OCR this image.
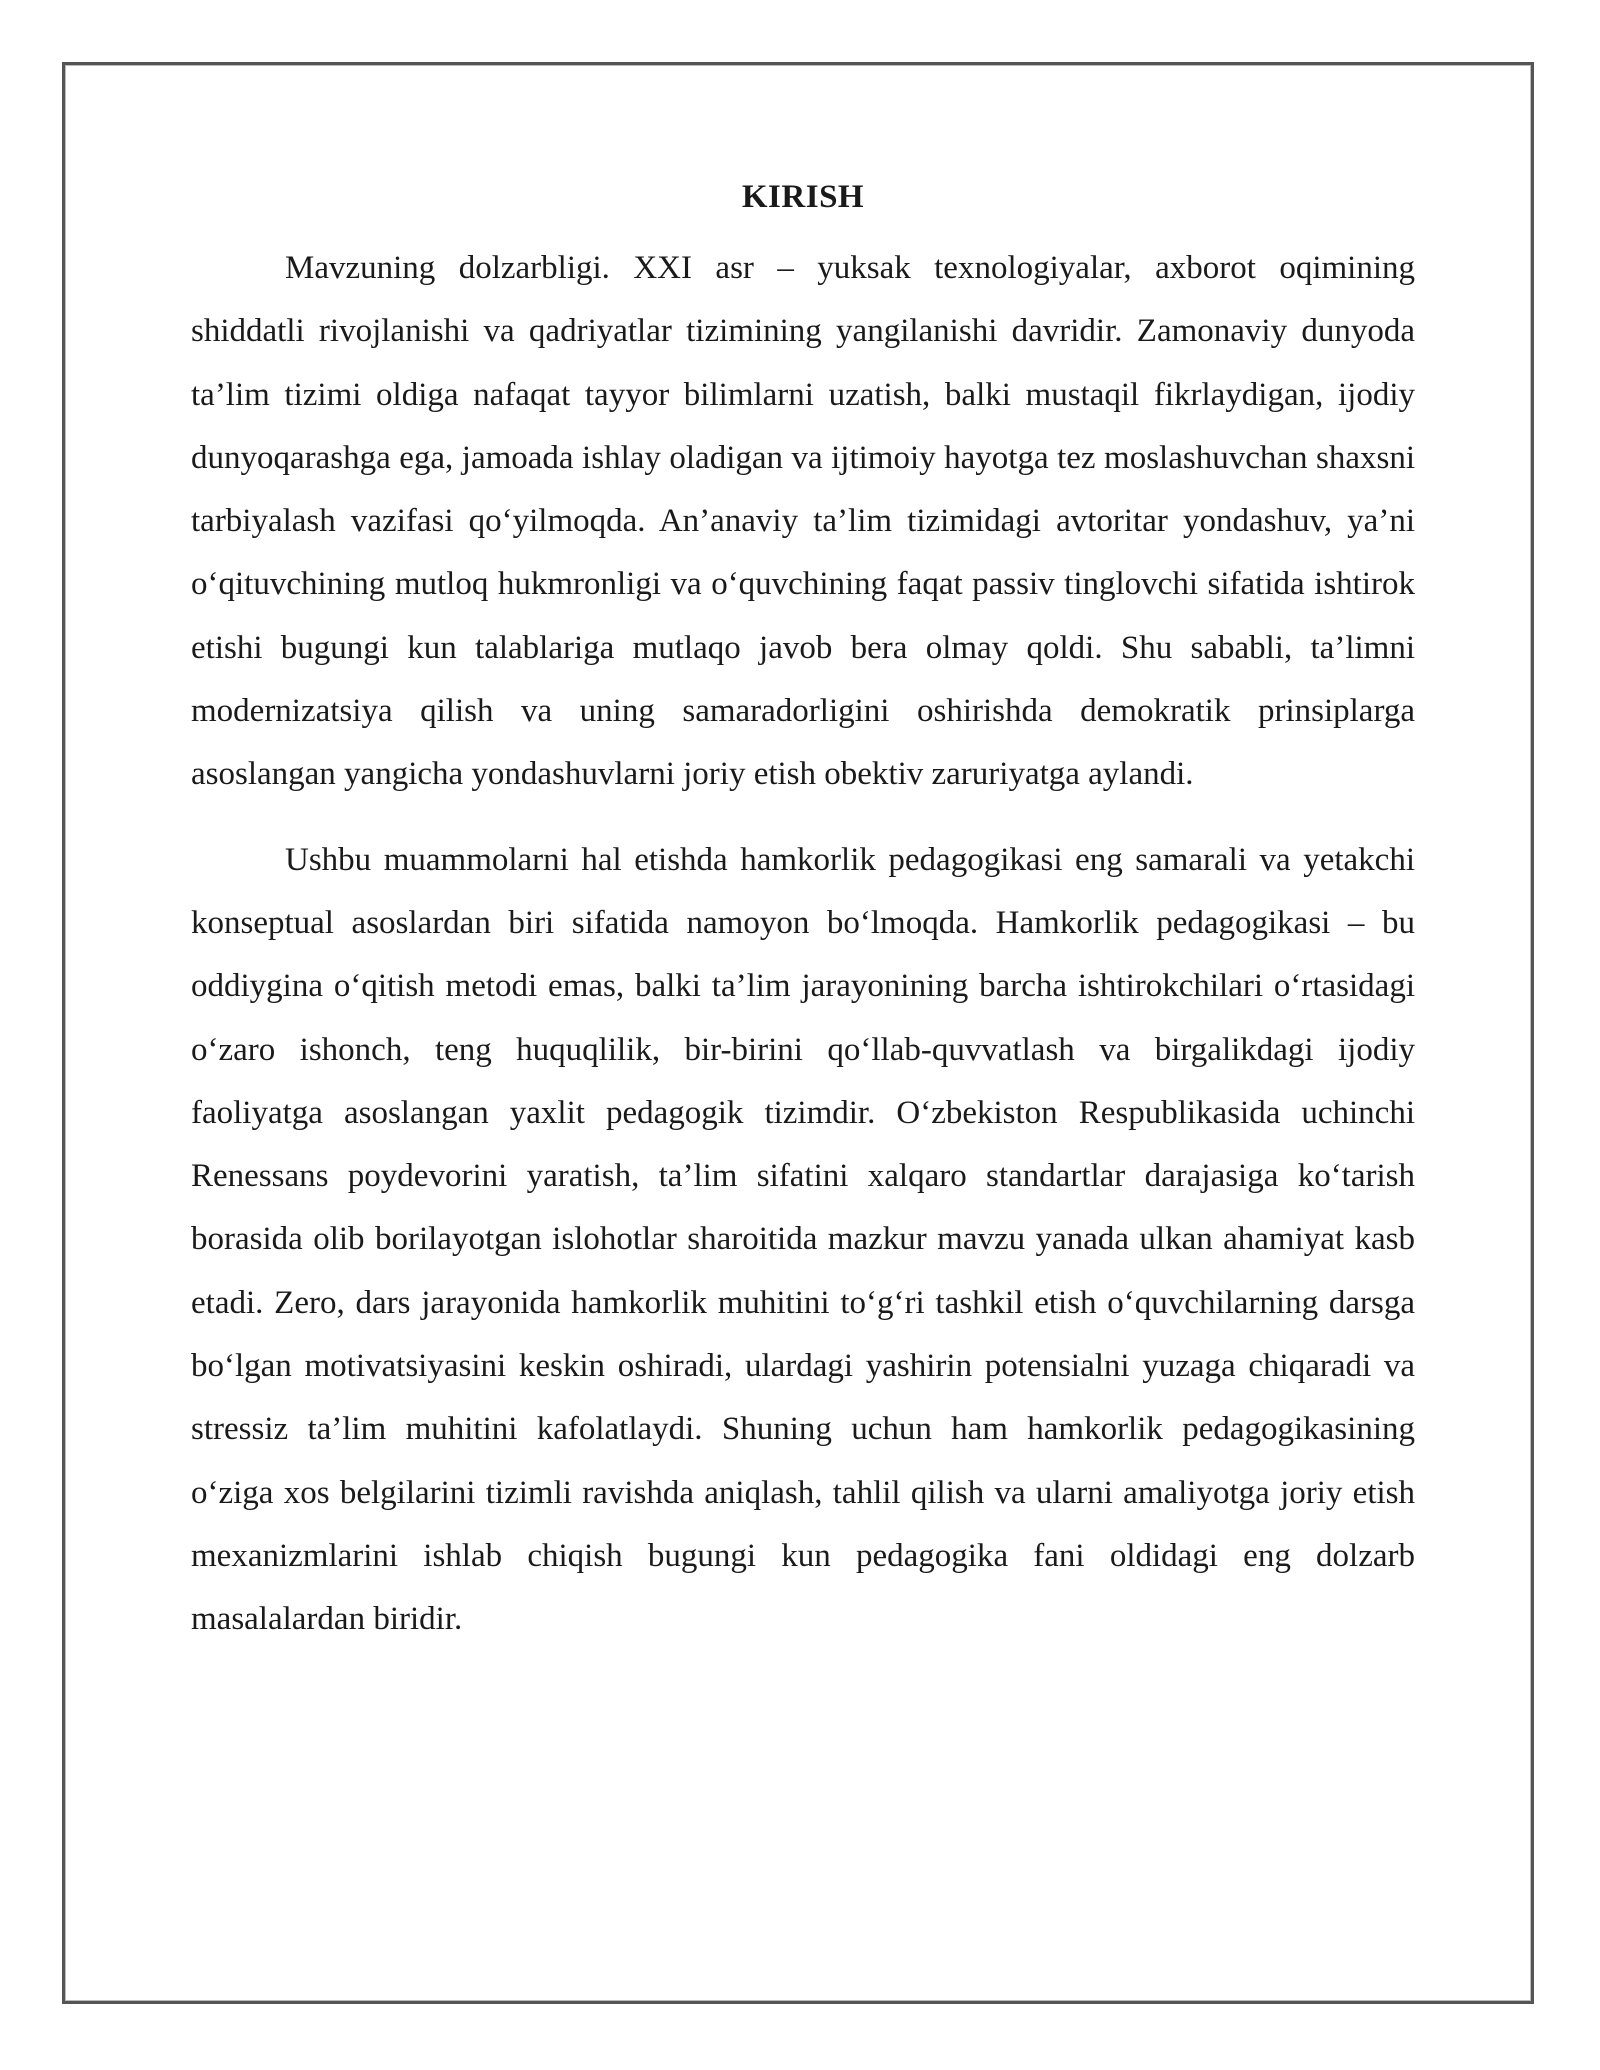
KIRISH

Mavzuning dolzarbligi. XXI asr – yuksak texnologiyalar, axborot oqimining shiddatli rivojlanishi va qadriyatlar tizimining yangilanishi davridir. Zamonaviy dunyoda ta’lim tizimi oldiga nafaqat tayyor bilimlarni uzatish, balki mustaqil fikrlaydigan, ijodiy dunyoqarashga ega, jamoada ishlay oladigan va ijtimoiy hayotga tez moslashuvchan shaxsni tarbiyalash vazifasi qo‘yilmoqda. An’anaviy ta’lim tizimidagi avtoritar yondashuv, ya’ni o‘qituvchining mutloq hukmronligi va o‘quvchining faqat passiv tinglovchi sifatida ishtirok etishi bugungi kun talablariga mutlaqo javob bera olmay qoldi. Shu sababli, ta’limni modernizatsiya qilish va uning samaradorligini oshirishda demokratik prinsiplarga asoslangan yangicha yondashuvlarni joriy etish obektiv zaruriyatga aylandi.

Ushbu muammolarni hal etishda hamkorlik pedagogikasi eng samarali va yetakchi konseptual asoslardan biri sifatida namoyon bo‘lmoqda. Hamkorlik pedagogikasi – bu oddiygina o‘qitish metodi emas, balki ta’lim jarayonining barcha ishtirokchilari o‘rtasidagi o‘zaro ishonch, teng huquqlilik, bir-birini qo‘llab-quvvatlash va birgalikdagi ijodiy faoliyatga asoslangan yaxlit pedagogik tizimdir. O‘zbekiston Respublikasida uchinchi Renessans poydevorini yaratish, ta’lim sifatini xalqaro standartlar darajasiga ko‘tarish borasida olib borilayotgan islohotlar sharoitida mazkur mavzu yanada ulkan ahamiyat kasb etadi. Zero, dars jarayonida hamkorlik muhitini to‘g‘ri tashkil etish o‘quvchilarning darsga bo‘lgan motivatsiyasini keskin oshiradi, ulardagi yashirin potensialni yuzaga chiqaradi va stressiz ta’lim muhitini kafolatlaydi. Shuning uchun ham hamkorlik pedagogikasining o‘ziga xos belgilarini tizimli ravishda aniqlash, tahlil qilish va ularni amaliyotga joriy etish mexanizmlarini ishlab chiqish bugungi kun pedagogika fani oldidagi eng dolzarb masalalardan biridir.
